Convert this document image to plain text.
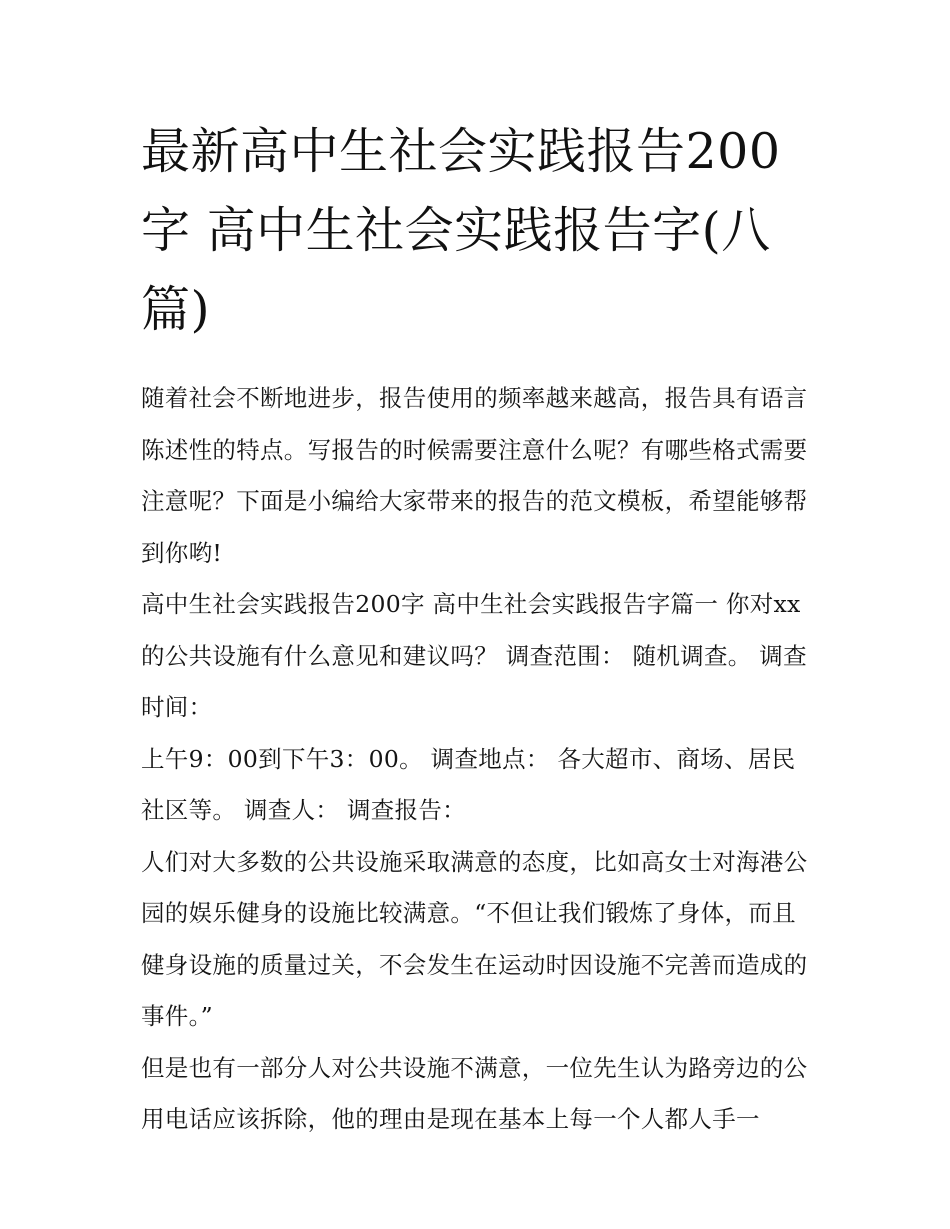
最新高中生社会实践报告200字 高中生社会实践报告字(八篇)

随着社会不断地进步，报告使用的频率越来越高，报告具有语言陈述性的特点。写报告的时候需要注意什么呢？有哪些格式需要注意呢？下面是小编给大家带来的报告的范文模板，希望能够帮到你哟!

高中生社会实践报告200字 高中生社会实践报告字篇一 你对xx的公共设施有什么意见和建议吗？ 调查范围： 随机调查。 调查时间：

上午9：00到下午3：00。 调查地点： 各大超市、商场、居民社区等。 调查人： 调查报告：

人们对大多数的公共设施采取满意的态度，比如高女士对海港公园的娱乐健身的设施比较满意。“不但让我们锻炼了身体，而且健身设施的质量过关，不会发生在运动时因设施不完善而造成的事件。”

但是也有一部分人对公共设施不满意，一位先生认为路旁边的公用电话应该拆除，他的理由是现在基本上每一个人都人手一
